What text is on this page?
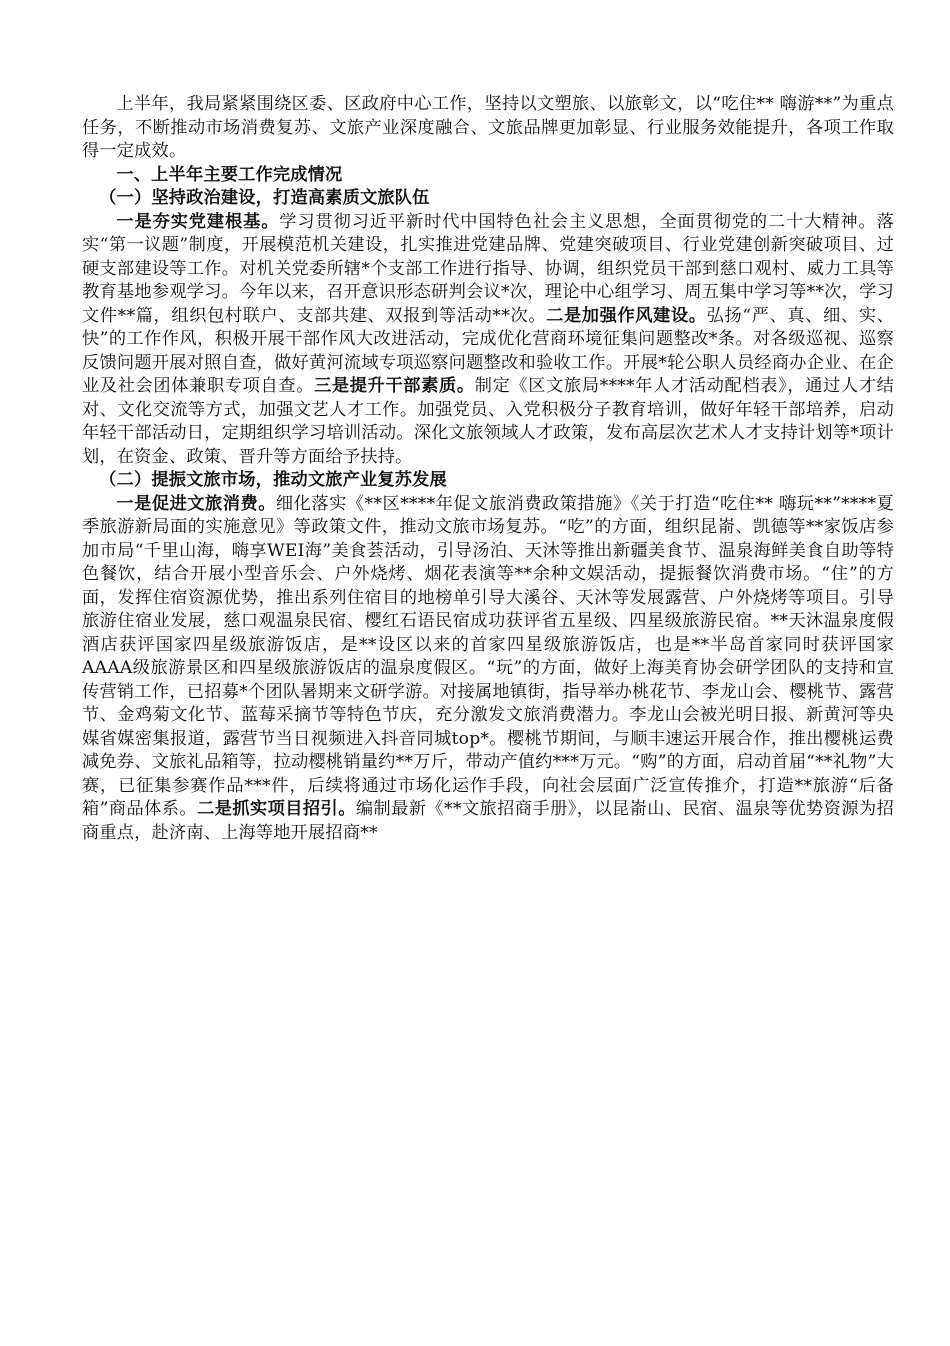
上半年，我局紧紧围绕区委、区政府中心工作，坚持以文塑旅、以旅彰文，以“吃住** 嗨游**”为重点任务，不断推动市场消费复苏、文旅产业深度融合、文旅品牌更加彰显、行业服务效能提升，各项工作取得一定成效。

一、上半年主要工作完成情况
（一）坚持政治建设，打造高素质文旅队伍

一是夯实党建根基。学习贯彻习近平新时代中国特色社会主义思想，全面贯彻党的二十大精神。落实“第一议题”制度，开展模范机关建设，扎实推进党建品牌、党建突破项目、行业党建创新突破项目、过硬支部建设等工作。对机关党委所辖*个支部工作进行指导、协调，组织党员干部到慈口观村、威力工具等教育基地参观学习。今年以来，召开意识形态研判会议*次，理论中心组学习、周五集中学习等**次，学习文件**篇，组织包村联户、支部共建、双报到等活动**次。二是加强作风建设。弘扬“严、真、细、实、快”的工作作风，积极开展干部作风大改进活动，完成优化营商环境征集问题整改*条。对各级巡视、巡察反馈问题开展对照自查，做好黄河流域专项巡察问题整改和验收工作。开展*轮公职人员经商办企业、在企业及社会团体兼职专项自查。三是提升干部素质。制定《区文旅局****年人才活动配档表》，通过人才结对、文化交流等方式，加强文艺人才工作。加强党员、入党积极分子教育培训，做好年轻干部培养，启动年轻干部活动日，定期组织学习培训活动。深化文旅领域人才政策，发布高层次艺术人才支持计划等*项计划，在资金、政策、晋升等方面给予扶持。

（二）提振文旅市场，推动文旅产业复苏发展

一是促进文旅消费。细化落实《**区****年促文旅消费政策措施》《关于打造“吃住** 嗨玩**”****夏季旅游新局面的实施意见》等政策文件，推动文旅市场复苏。“吃”的方面，组织昆嵛、凯德等**家饭店参加市局“千里山海，嗨享WEI海”美食荟活动，引导汤泊、天沐等推出新疆美食节、温泉海鲜美食自助等特色餐饮，结合开展小型音乐会、户外烧烤、烟花表演等**余种文娱活动，提振餐饮消费市场。“住”的方面，发挥住宿资源优势，推出系列住宿目的地榜单引导大溪谷、天沐等发展露营、户外烧烤等项目。引导旅游住宿业发展，慈口观温泉民宿、樱红石语民宿成功获评省五星级、四星级旅游民宿。**天沐温泉度假酒店获评国家四星级旅游饭店，是**设区以来的首家四星级旅游饭店，也是**半岛首家同时获评国家AAAA级旅游景区和四星级旅游饭店的温泉度假区。“玩”的方面，做好上海美育协会研学团队的支持和宣传营销工作，已招募*个团队暑期来文研学游。对接属地镇街，指导举办桃花节、李龙山会、樱桃节、露营节、金鸡菊文化节、蓝莓采摘节等特色节庆，充分激发文旅消费潜力。李龙山会被光明日报、新黄河等央媒省媒密集报道，露营节当日视频进入抖音同城top*。樱桃节期间，与顺丰速运开展合作，推出樱桃运费减免券、文旅礼品箱等，拉动樱桃销量约**万斤，带动产值约***万元。“购”的方面，启动首届“**礼物”大赛，已征集参赛作品***件，后续将通过市场化运作手段，向社会层面广泛宣传推介，打造**旅游“后备箱”商品体系。二是抓实项目招引。编制最新《**文旅招商手册》，以昆嵛山、民宿、温泉等优势资源为招商重点，赴济南、上海等地开展招商**
